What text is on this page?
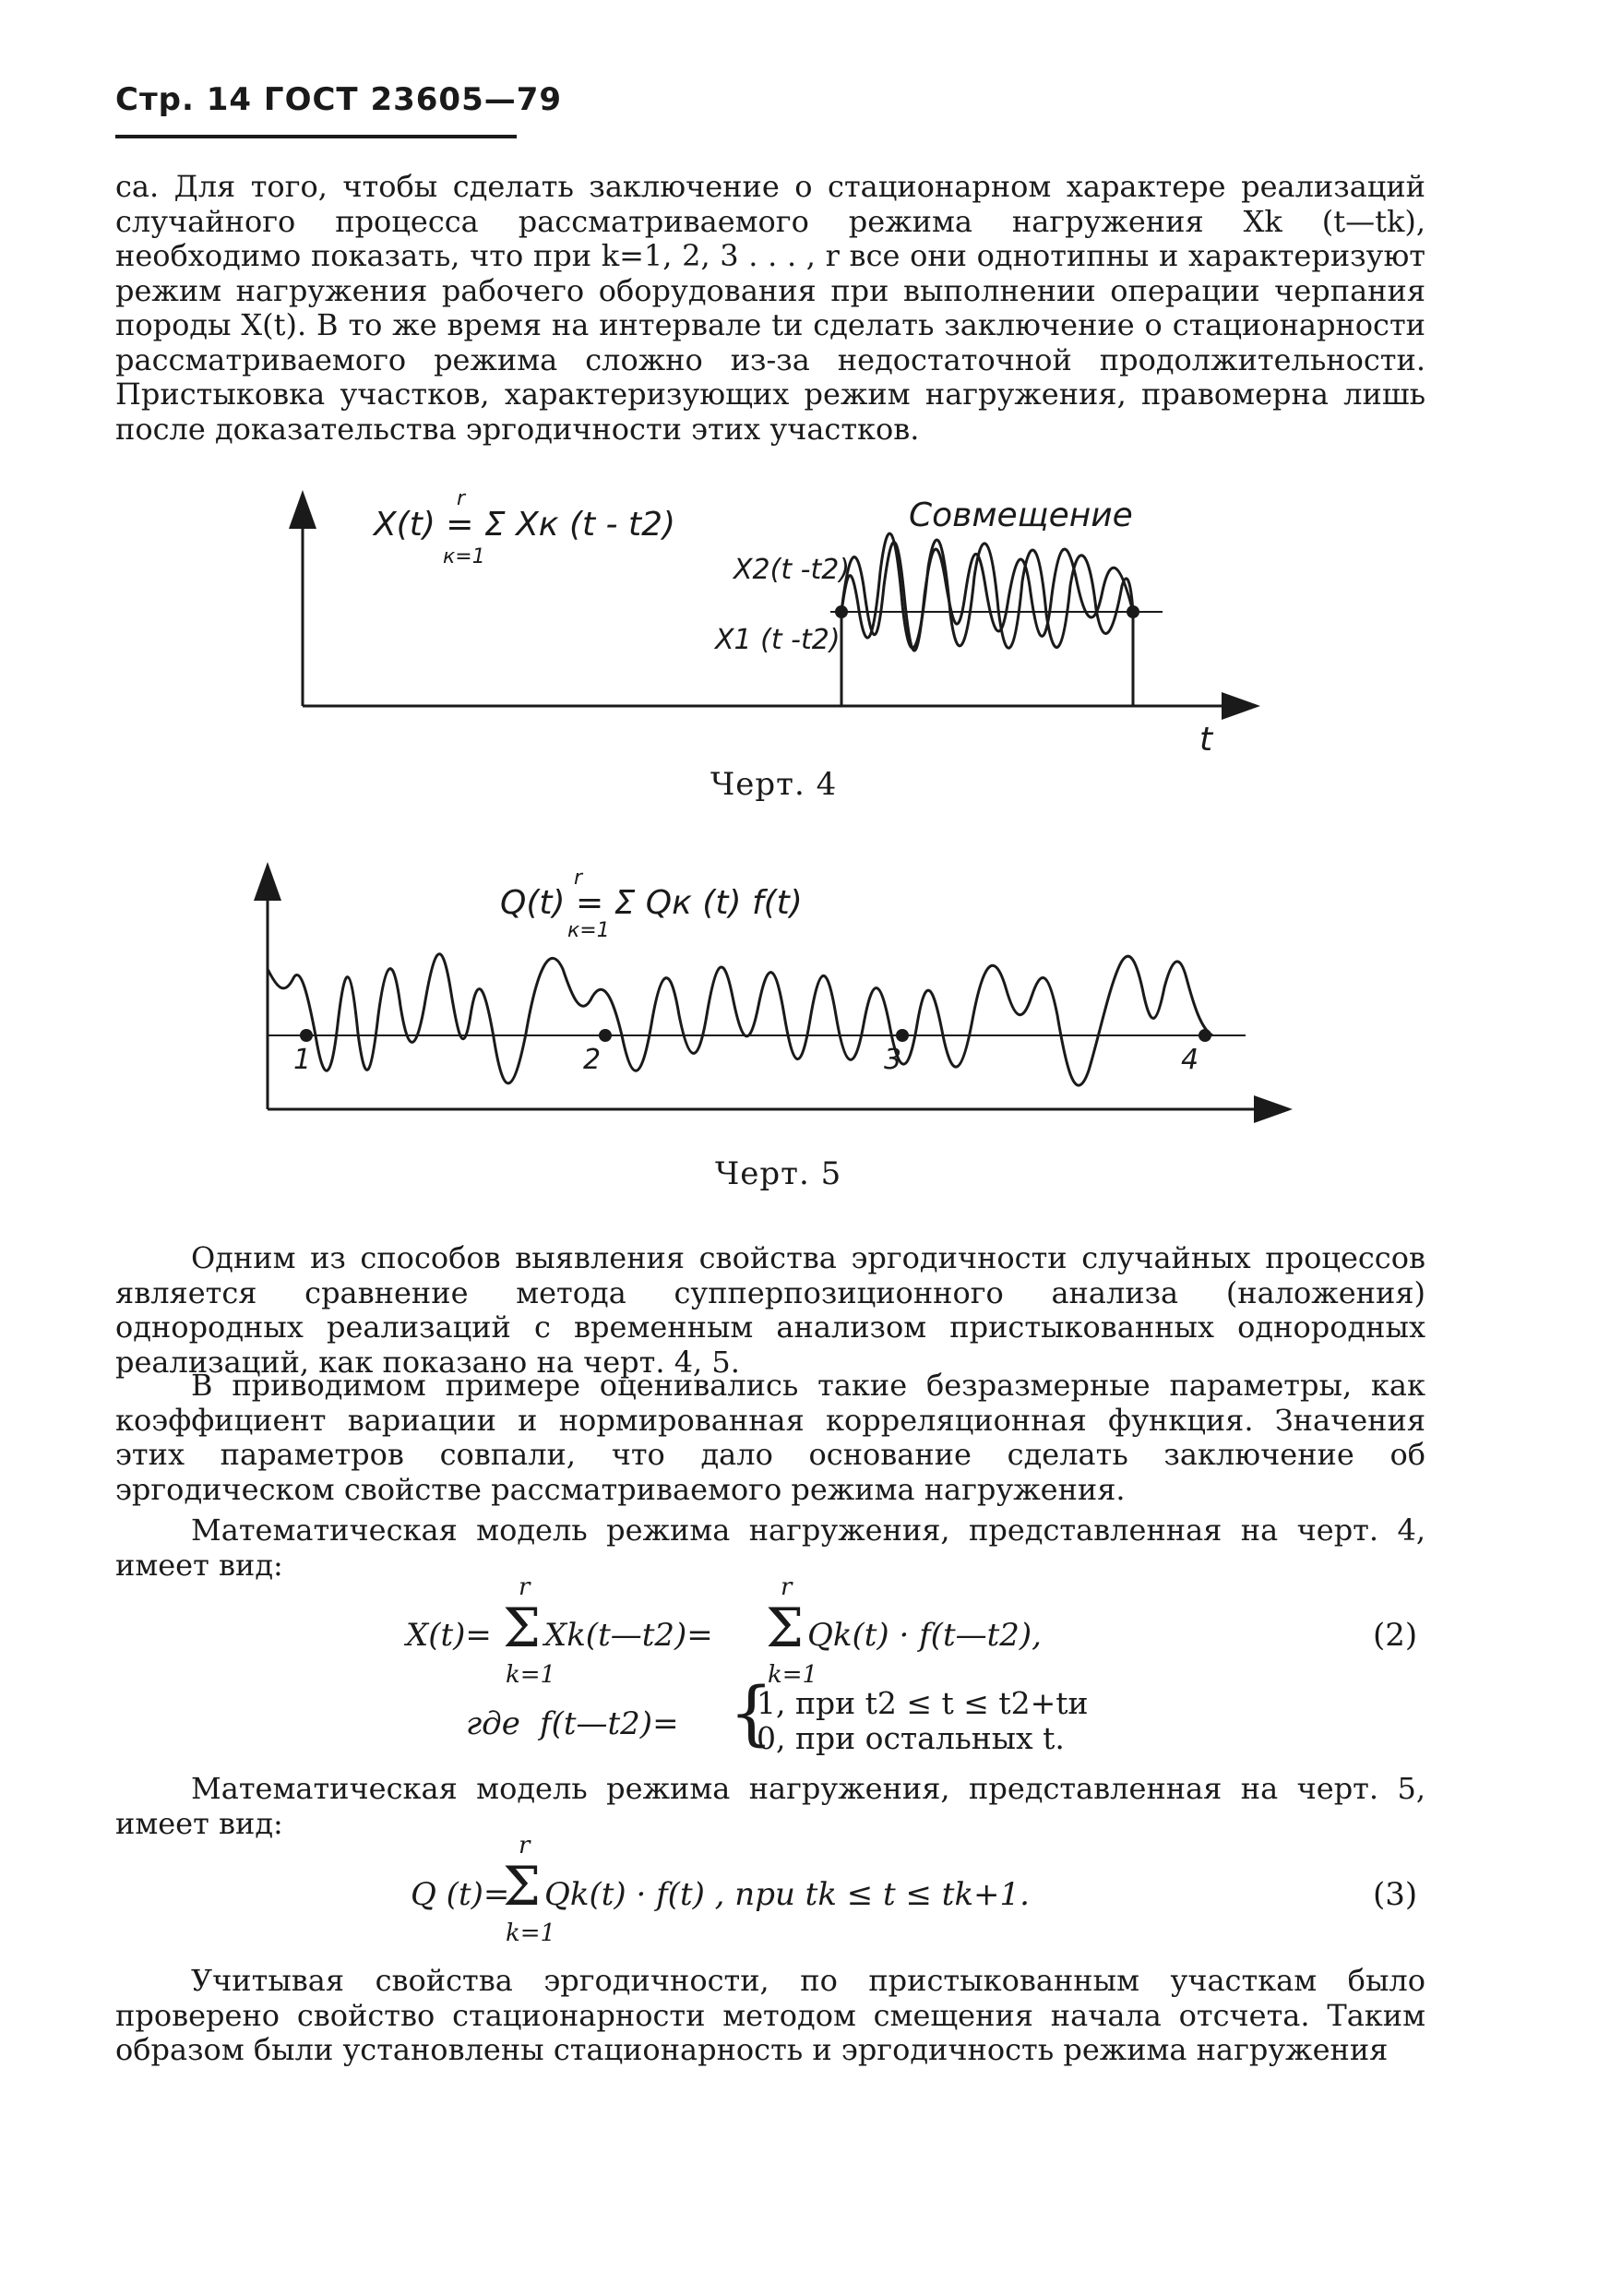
Стр. 14 ГОСТ 23605—79

са. Для того, чтобы сделать заключение о стационарном характере реализаций случайного процесса рассматриваемого режима нагружения Xk (t—tk), необходимо показать, что при k=1, 2, 3 . . . , r все они однотипны и характеризуют режим нагружения рабочего оборудования при выполнении операции черпания породы X(t). В то же время на интервале tи сделать заключение о стационарности рассматриваемого режима сложно из-за недостаточной продолжительности. Пристыковка участков, характеризующих режим нагружения, правомерна лишь после доказательства эргодичности этих участков.

X(t) = Σ Xк (t - t2)
r
к=1
Совмещение
X2(t -t2)
X1 (t -t2)
t
Черт. 4
Q(t) = Σ Qк (t) f(t)
r
к=1
1	2	3	4
Черт. 5

Одним из способов выявления свойства эргодичности случайных процессов является сравнение метода супперпозиционного анализа (наложения) однородных реализаций с временным анализом пристыкованных однородных реализаций, как показано на черт. 4, 5.

В приводимом примере оценивались такие безразмерные параметры, как коэффициент вариации и нормированная корреляционная функция. Значения этих параметров совпали, что дало основание сделать заключение об эргодическом свойстве рассматриваемого режима нагружения.

Математическая модель режима нагружения, представленная на черт. 4, имеет вид:

X(t)= Σ
r
k=1
Xk(t—t2)= Σ
r
k=1
Qk(t) · f(t—t2),	(2)
где f(t—t2)= {
1, при t2 ≤ t ≤ t2+tи
0, при остальных t.

Математическая модель режима нагружения, представленная на черт. 5, имеет вид:

Q (t)=
Σ
r
k=1
Qk(t) · f(t) , при tk ≤ t ≤ tk+1.	(3)

Учитывая свойства эргодичности, по пристыкованным участкам было проверено свойство стационарности методом смещения начала отсчета. Таким образом были установлены стационарность и эргодичность режима нагружения
